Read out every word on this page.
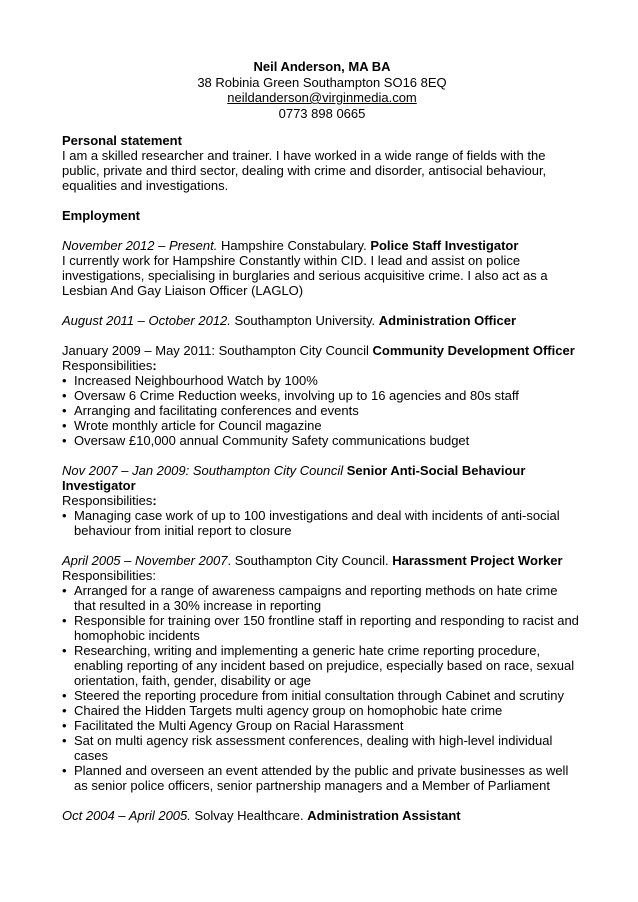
Neil Anderson, MA BA
38 Robinia Green Southampton SO16 8EQ
neildanderson@virginmedia.com
0773 898 0665
Personal statement

I am a skilled researcher and trainer. I have worked in a wide range of fields with the public, private and third sector, dealing with crime and disorder, antisocial behaviour, equalities and investigations.

Employment

November 2012 – Present. Hampshire Constabulary. Police Staff Investigator

I currently work for Hampshire Constantly within CID. I lead and assist on police investigations, specialising in burglaries and serious acquisitive crime. I also act as a Lesbian And Gay Liaison Officer (LAGLO)

August 2011 – October 2012. Southampton University. Administration Officer

January 2009 – May 2011: Southampton City Council Community Development Officer

Responsibilities:

• Increased Neighbourhood Watch by 100%
• Oversaw 6 Crime Reduction weeks, involving up to 16 agencies and 80s staff
• Arranging and facilitating conferences and events
• Wrote monthly article for Council magazine
• Oversaw £10,000 annual Community Safety communications budget

Nov 2007 – Jan 2009: Southampton City Council Senior Anti-Social Behaviour Investigator

Responsibilities:

• Managing case work of up to 100 investigations and deal with incidents of anti-social behaviour from initial report to closure

April 2005 – November 2007. Southampton City Council. Harassment Project Worker

Responsibilities:

• Arranged for a range of awareness campaigns and reporting methods on hate crime that resulted in a 30% increase in reporting
• Responsible for training over 150 frontline staff in reporting and responding to racist and homophobic incidents
• Researching, writing and implementing a generic hate crime reporting procedure, enabling reporting of any incident based on prejudice, especially based on race, sexual orientation, faith, gender, disability or age
• Steered the reporting procedure from initial consultation through Cabinet and scrutiny
• Chaired the Hidden Targets multi agency group on homophobic hate crime
• Facilitated the Multi Agency Group on Racial Harassment
• Sat on multi agency risk assessment conferences, dealing with high-level individual cases
• Planned and overseen an event attended by the public and private businesses as well as senior police officers, senior partnership managers and a Member of Parliament

Oct 2004 – April 2005. Solvay Healthcare. Administration Assistant
